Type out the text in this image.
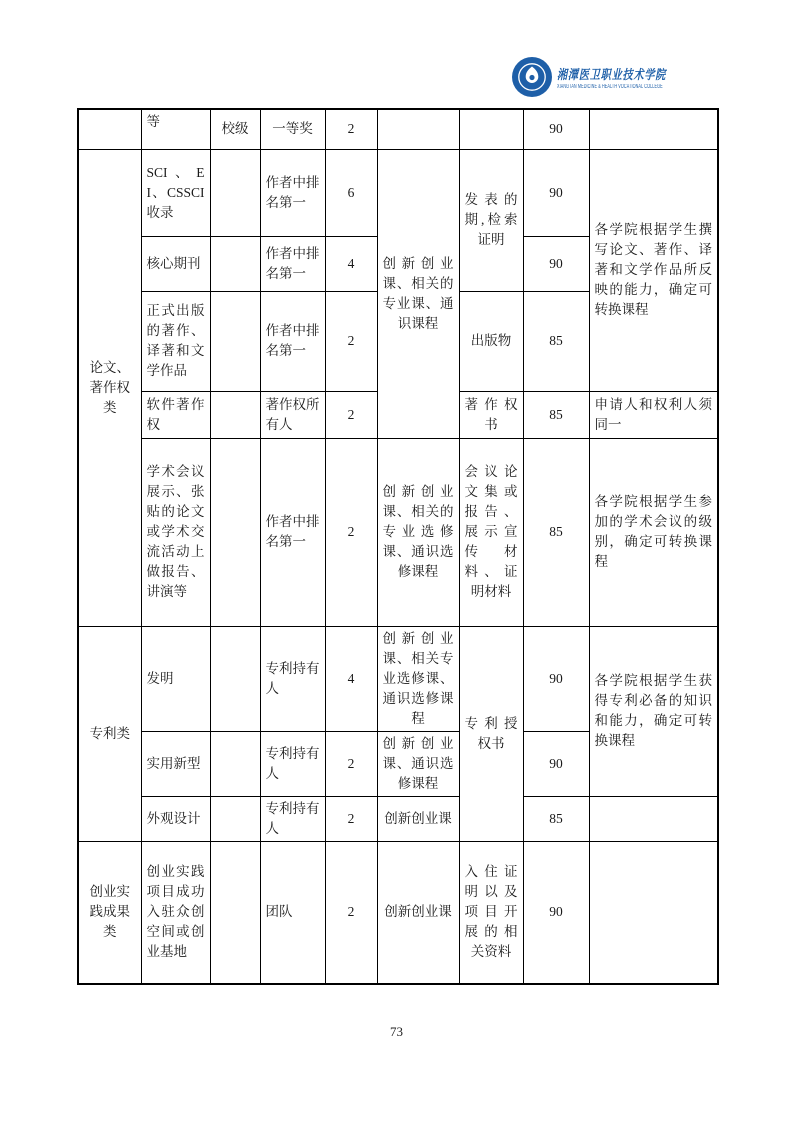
湘潭医卫职业技术学院
XIANGTAN MEDICINE & HEALTH VOCATIONAL COLLEGE
	等	校级	一等奖	2			90	
论文、著作权类	SCI、EI、CSSCI收录		作者中排名第一	6	创新创业课、相关的专业课、通识课程	发表的期,检索证明	90	各学院根据学生撰写论文、著作、译著和文学作品所反映的能力，确定可转换课程
	核心期刊		作者中排名第一	4			90	
	正式出版的著作、译著和文学作品		作者中排名第一	2		出版物	85	
	软件著作权		著作权所有人	2		著作权书	85	申请人和权利人须同一
	学术会议展示、张贴的论文或学术交流活动上做报告、讲演等		作者中排名第一	2	创新创业课、相关的专业选修课、通识选修课程	会议论文集或报告、展示宣传材料、证明材料	85	各学院根据学生参加的学术会议的级别，确定可转换课程
专利类	发明		专利持有人	4	创新创业课、相关专业选修课、通识选修课程	专利授权书	90	各学院根据学生获得专利必备的知识和能力，确定可转换课程
	实用新型		专利持有人	2	创新创业课、通识选修课程		90	
	外观设计		专利持有人	2	创新创业课		85	
创业实践成果类	创业实践项目成功入驻众创空间或创业基地		团队	2	创新创业课	入住证明以及项目开展的相关资料	90	
73
